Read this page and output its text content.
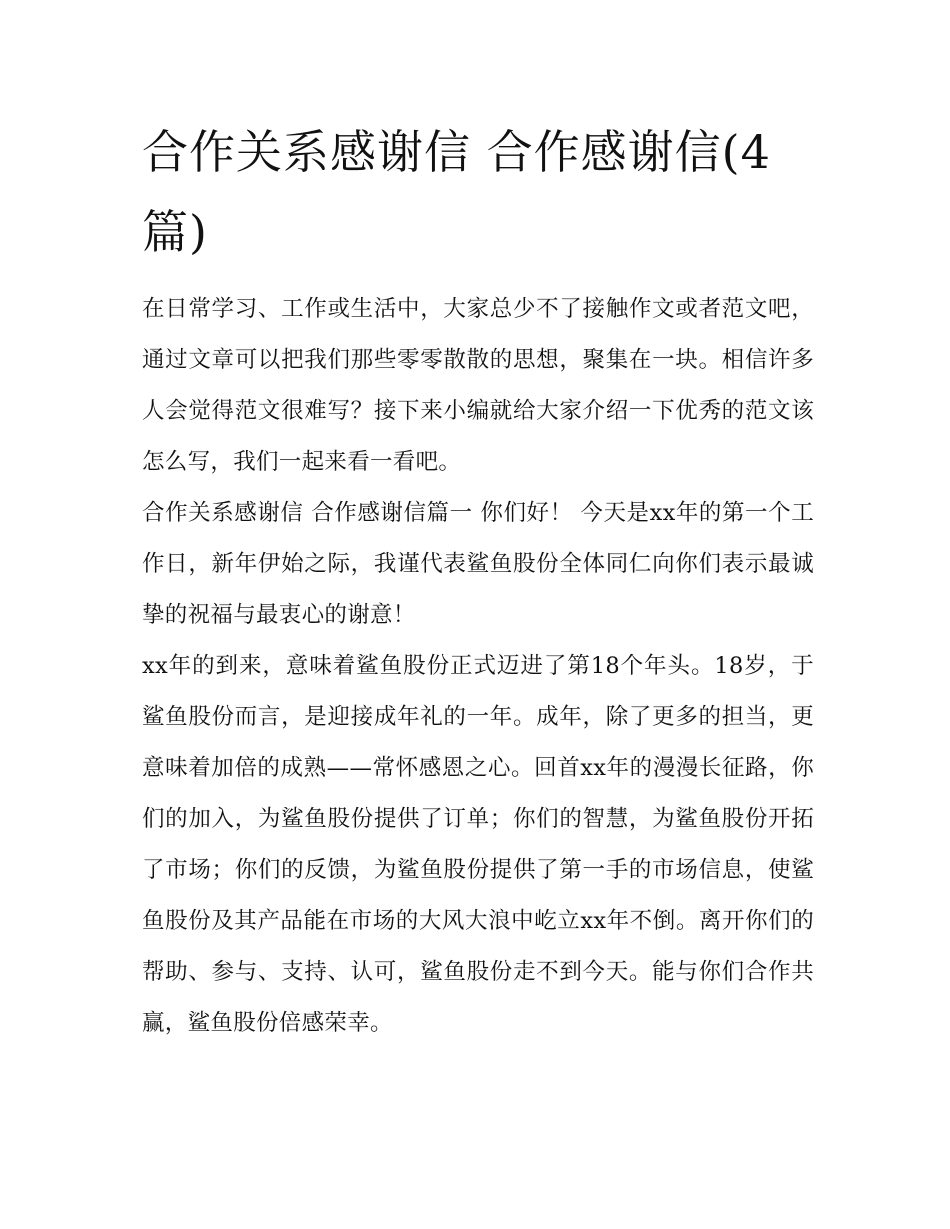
合作关系感谢信 合作感谢信(4篇)

在日常学习、工作或生活中，大家总少不了接触作文或者范文吧，通过文章可以把我们那些零零散散的思想，聚集在一块。相信许多人会觉得范文很难写？接下来小编就给大家介绍一下优秀的范文该怎么写，我们一起来看一看吧。

合作关系感谢信 合作感谢信篇一 你们好！ 今天是xx年的第一个工作日，新年伊始之际，我谨代表鲨鱼股份全体同仁向你们表示最诚挚的祝福与最衷心的谢意！

xx年的到来，意味着鲨鱼股份正式迈进了第18个年头。18岁，于鲨鱼股份而言，是迎接成年礼的一年。成年，除了更多的担当，更意味着加倍的成熟——常怀感恩之心。回首xx年的漫漫长征路，你们的加入，为鲨鱼股份提供了订单；你们的智慧，为鲨鱼股份开拓了市场；你们的反馈，为鲨鱼股份提供了第一手的市场信息，使鲨鱼股份及其产品能在市场的大风大浪中屹立xx年不倒。离开你们的帮助、参与、支持、认可，鲨鱼股份走不到今天。能与你们合作共赢，鲨鱼股份倍感荣幸。
